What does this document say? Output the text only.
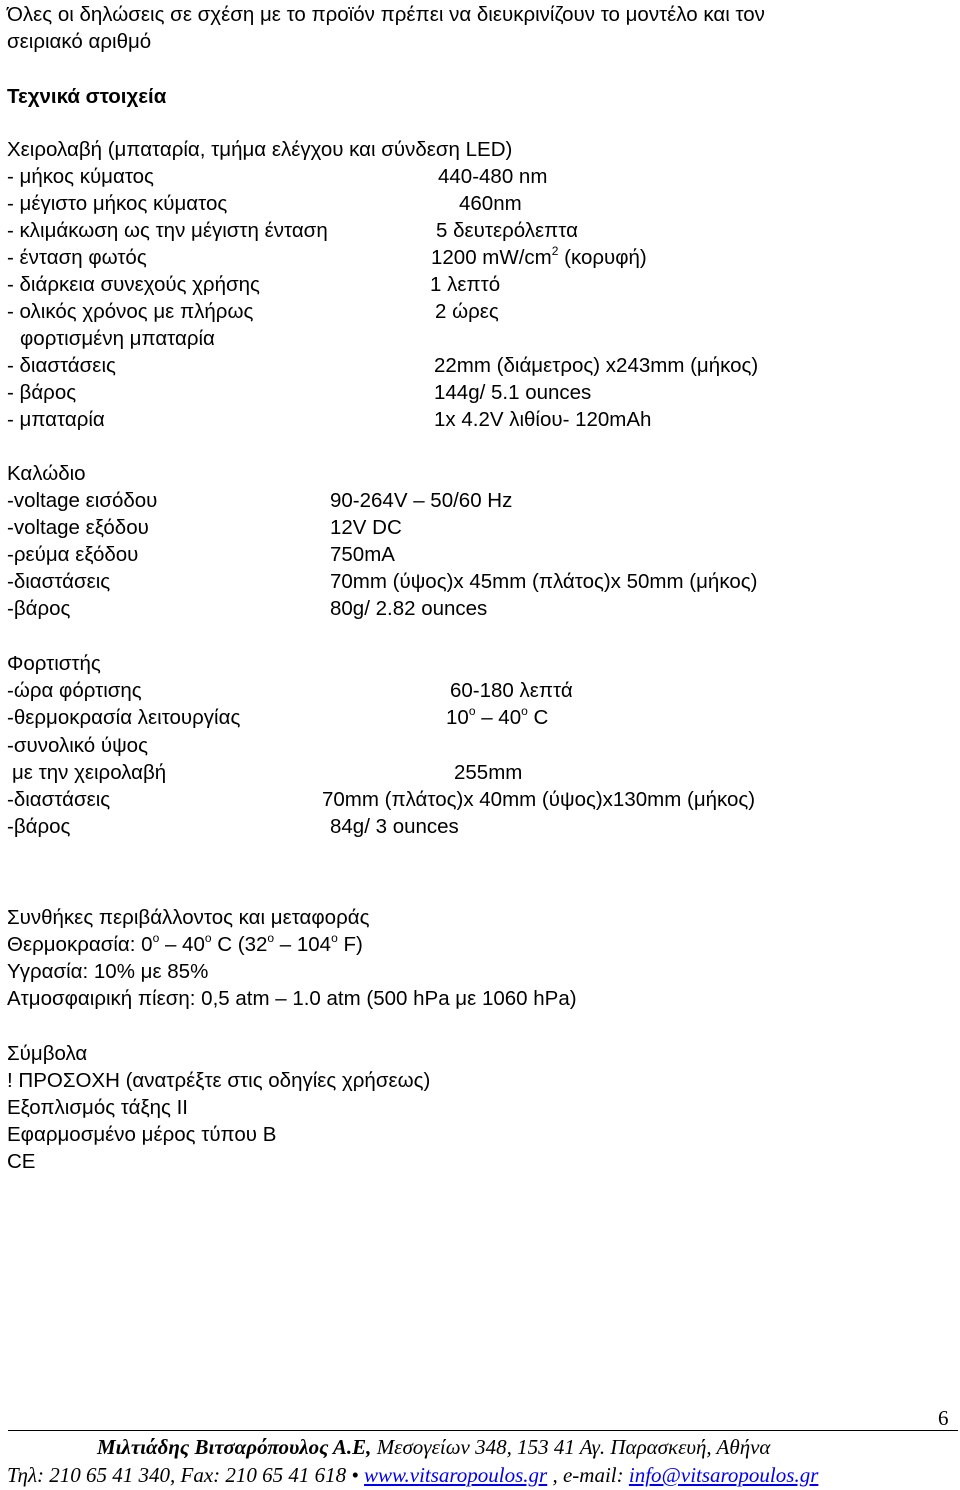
Όλες οι δηλώσεις σε σχέση με το προϊόν πρέπει να διευκρινίζουν το μοντέλο και τον
σειριακό αριθμό
Τεχνικά στοιχεία
Χειρολαβή (μπαταρία, τμήμα ελέγχου και σύνδεση LED)
- μήκος κύματος	440-480 nm
- μέγιστο μήκος κύματος	460nm
- κλιμάκωση ως την μέγιστη ένταση	5 δευτερόλεπτα
- ένταση φωτός	1200 $mW/cm^2$ (κορυφή)
- διάρκεια συνεχούς χρήσης	1 λεπτό
- ολικός χρόνος με πλήρως	2 ώρες
φορτισμένη μπαταρία
- διαστάσεις	22mm (διάμετρος) x243mm (μήκος)
- βάρος	144g/ 5.1 ounces
- μπαταρία	1x 4.2V λιθίου- 120mAh
Καλώδιο
-voltage εισόδου	90-264V – 50/60 Hz
-voltage εξόδου	12V DC
-ρεύμα εξόδου	750mA
-διαστάσεις	70mm (ύψος)x 45mm (πλάτος)x 50mm (μήκος)
-βάρος	80g/ 2.82 ounces
Φορτιστής
-ώρα φόρτισης	60-180 λεπτά
-θερμοκρασία λειτουργίας	10$^o$ – 40$^o$ C
-συνολικό ύψος
με την χειρολαβή	255mm
-διαστάσεις	70mm (πλάτος)x 40mm (ύψος)x130mm (μήκος)
-βάρος	84g/ 3 ounces
Συνθήκες περιβάλλοντος και μεταφοράς
Θερμοκρασία: 0$^o$ – 40$^o$ C (32$^o$ – 104$^o$ F)
Υγρασία: 10% με 85%
Ατμοσφαιρική πίεση: 0,5 atm – 1.0 atm (500 hPa με 1060 hPa)
Σύμβολα
! ΠΡΟΣΟΧΗ (ανατρέξτε στις οδηγίες χρήσεως)
Εξοπλισμός τάξης ΙΙ
Εφαρμοσμένο μέρος τύπου Β
CE
6
Μιλτιάδης Βιτσαρόπουλος Α.Ε, Μεσογείων 348, 153 41 Αγ. Παρασκευή, Αθήνα
Τηλ: 210 65 41 340, Fax: 210 65 41 618 • www.vitsaropoulos.gr , e-mail: info@vitsaropoulos.gr
